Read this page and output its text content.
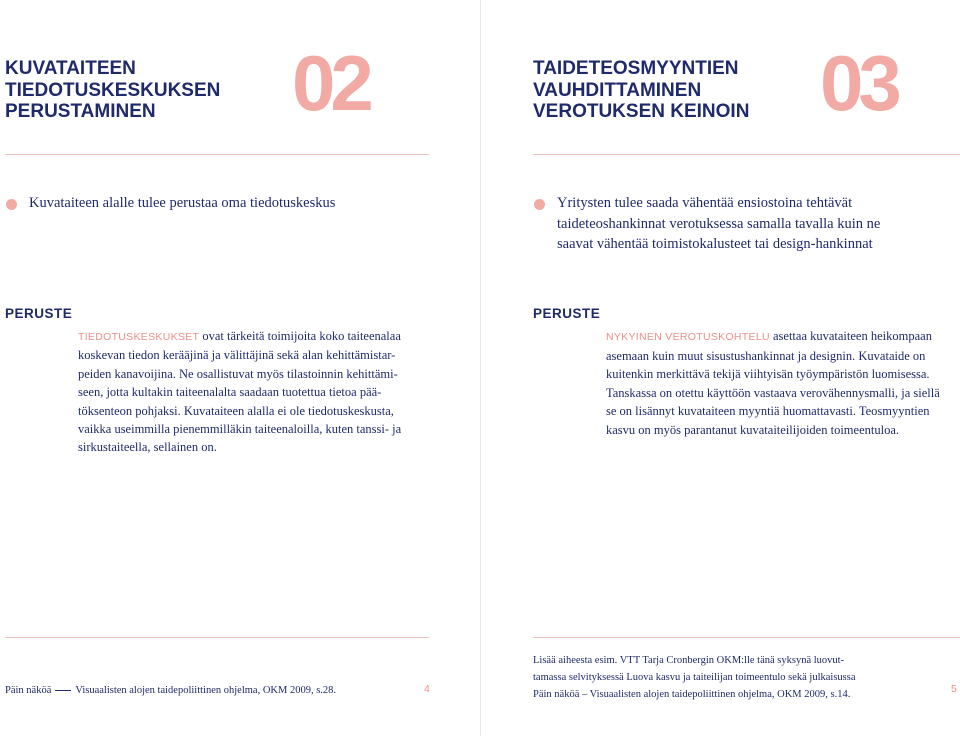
KUVATAITEEN
TIEDOTUSKESKUKSEN
PERUSTAMINEN	02

Kuvataiteen alalle tulee perustaa oma tiedotuskeskus

PERUSTE

TIEDOTUSKESKUKSET ovat tärkeitä toimijoita koko taiteenalaa
koskevan tiedon kerääjinä ja välittäjinä sekä alan kehittämistar-
peiden kanavoijina. Ne osallistuvat myös tilastoinnin kehittämi-
seen, jotta kultakin taiteenalalta saadaan tuotettua tietoa pää-
töksenteon pohjaksi. Kuvataiteen alalla ei ole tiedotuskeskusta,
vaikka useimmilla pienemmilläkin taiteenaloilla, kuten tanssi- ja
sirkustaiteella, sellainen on.

Päin näköä Visuaalisten alojen taidepoliittinen ohjelma, OKM 2009, s.28.	4
TAIDETEOSMYYNTIEN
VAUHDITTAMINEN
VEROTUKSEN KEINOIN 03

Yritysten tulee saada vähentää ensiostoina tehtävät
taideteoshankinnat verotuksessa samalla tavalla kuin ne
saavat vähentää toimistokalusteet tai design-hankinnat

PERUSTE

NYKYINEN VEROTUSKOHTELU asettaa kuvataiteen heikompaan
asemaan kuin muut sisustushankinnat ja designin. Kuvataide on
kuitenkin merkittävä tekijä viihtyisän työympäristön luomisessa.
Tanskassa on otettu käyttöön vastaava verovähennysmalli, ja siellä
se on lisännyt kuvataiteen myyntiä huomattavasti. Teosmyyntien
kasvu on myös parantanut kuvataiteilijoiden toimeentuloa.

Lisää aiheesta esim. VTT Tarja Cronbergin OKM:lle tänä syksynä luovut-
tamassa selvityksessä Luova kasvu ja taiteilijan toimeentulo sekä julkaisussa
Päin näköä – Visuaalisten alojen taidepoliittinen ohjelma, OKM 2009, s.14.	5
